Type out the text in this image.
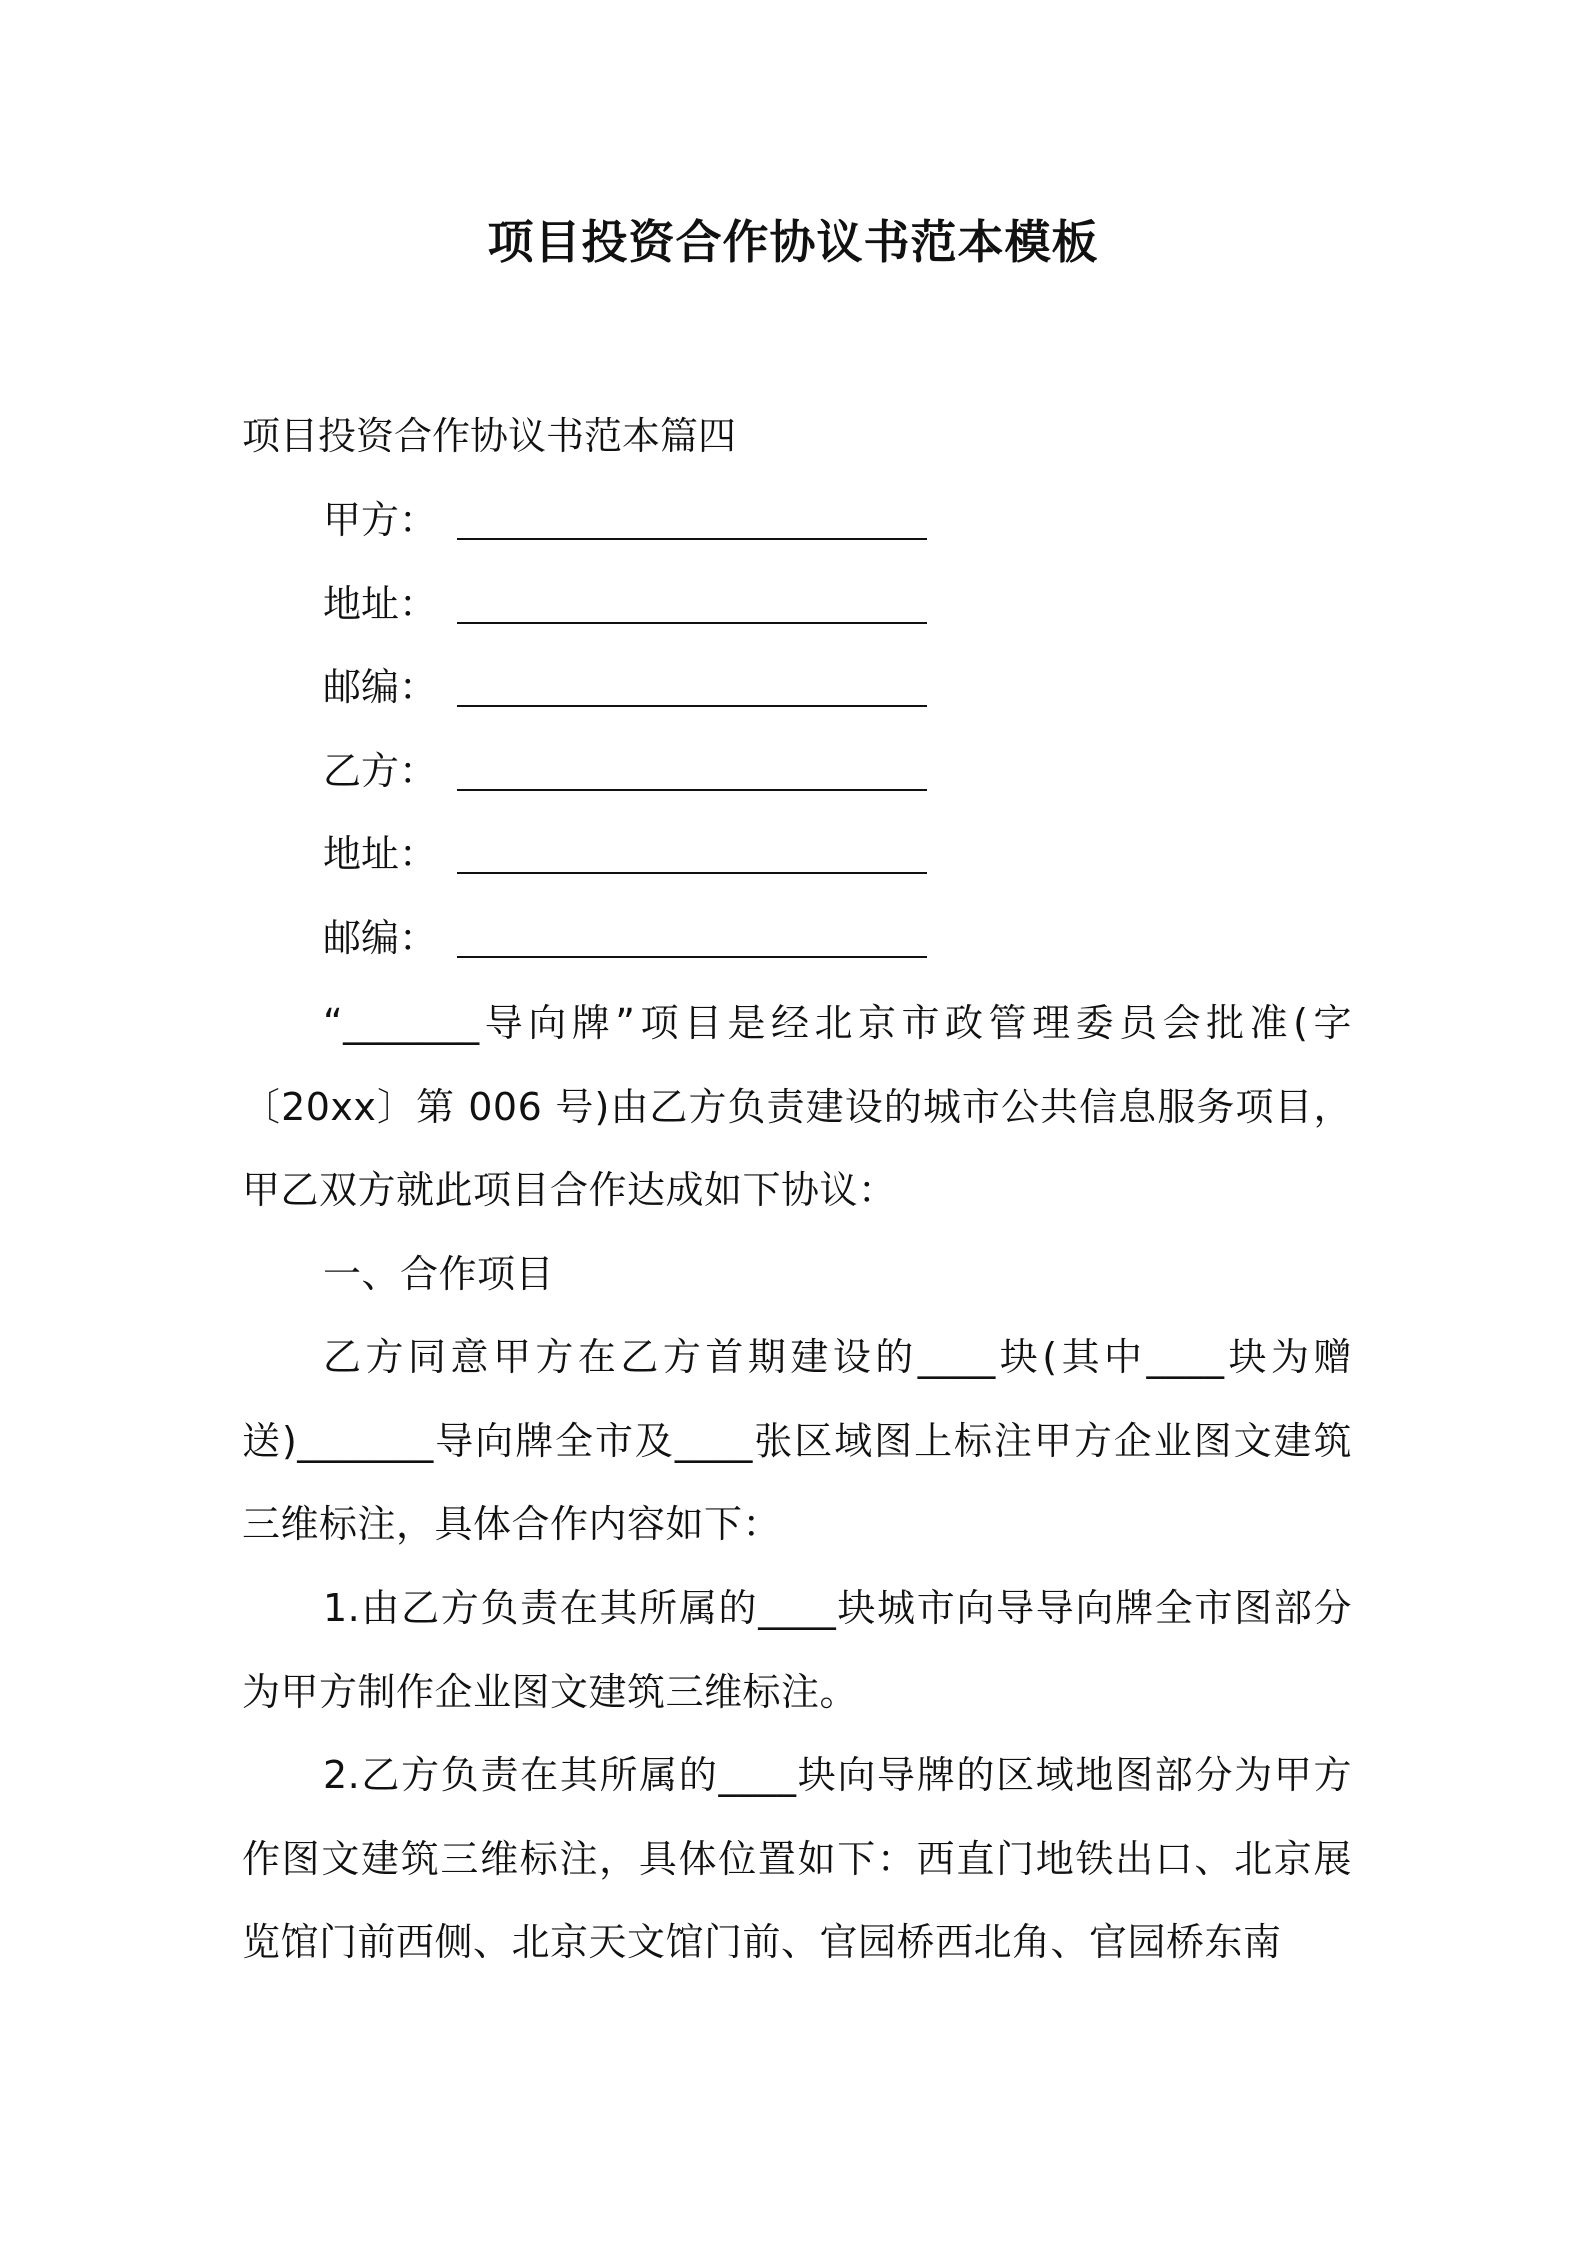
项目投资合作协议书范本模板
项目投资合作协议书范本篇四
甲方：
地址：
邮编：
乙方：
地址：
邮编：

“_______导向牌”项目是经北京市政管理委员会批准(字〔20xx〕第 006 号)由乙方负责建设的城市公共信息服务项目，甲乙双方就此项目合作达成如下协议：

一、合作项目

乙方同意甲方在乙方首期建设的____块(其中____块为赠送)_______导向牌全市及____张区域图上标注甲方企业图文建筑三维标注，具体合作内容如下：

1.由乙方负责在其所属的____块城市向导导向牌全市图部分为甲方制作企业图文建筑三维标注。

2.乙方负责在其所属的____块向导牌的区域地图部分为甲方作图文建筑三维标注，具体位置如下：西直门地铁出口、北京展览馆门前西侧、北京天文馆门前、官园桥西北角、官园桥东南
